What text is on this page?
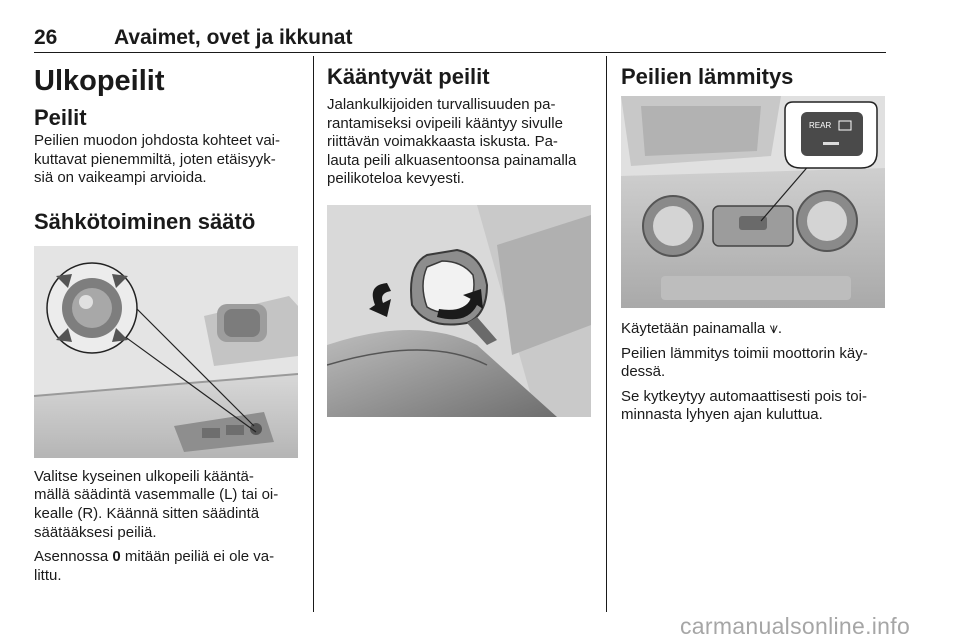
26	Avaimet, ovet ja ikkunat
Ulkopeilit
Peilit

Peilien muodon johdosta kohteet vai-

kuttavat pienemmiltä, joten etäisyyk-

siä on vaikeampi arvioida.

Sähkötoiminen säätö

Valitse kyseinen ulkopeili kääntä-

mällä säädintä vasemmalle (L) tai oi-

kealle (R). Käännä sitten säädintä

säätääksesi peiliä.

Asennossa 0 mitään peiliä ei ole va-

littu.

Kääntyvät peilit

Jalankulkijoiden turvallisuuden pa-

rantamiseksi ovipeili kääntyy sivulle

riittävän voimakkaasta iskusta. Pa-

lauta peili alkuasentoonsa painamalla

peilikoteloa kevyesti.

Peilien lämmitys
REAR

Käytetään painamalla ⩛.

Peilien lämmitys toimii moottorin käy-

dessä.

Se kytkeytyy automaattisesti pois toi-

minnasta lyhyen ajan kuluttua.

carmanualsonline.info
